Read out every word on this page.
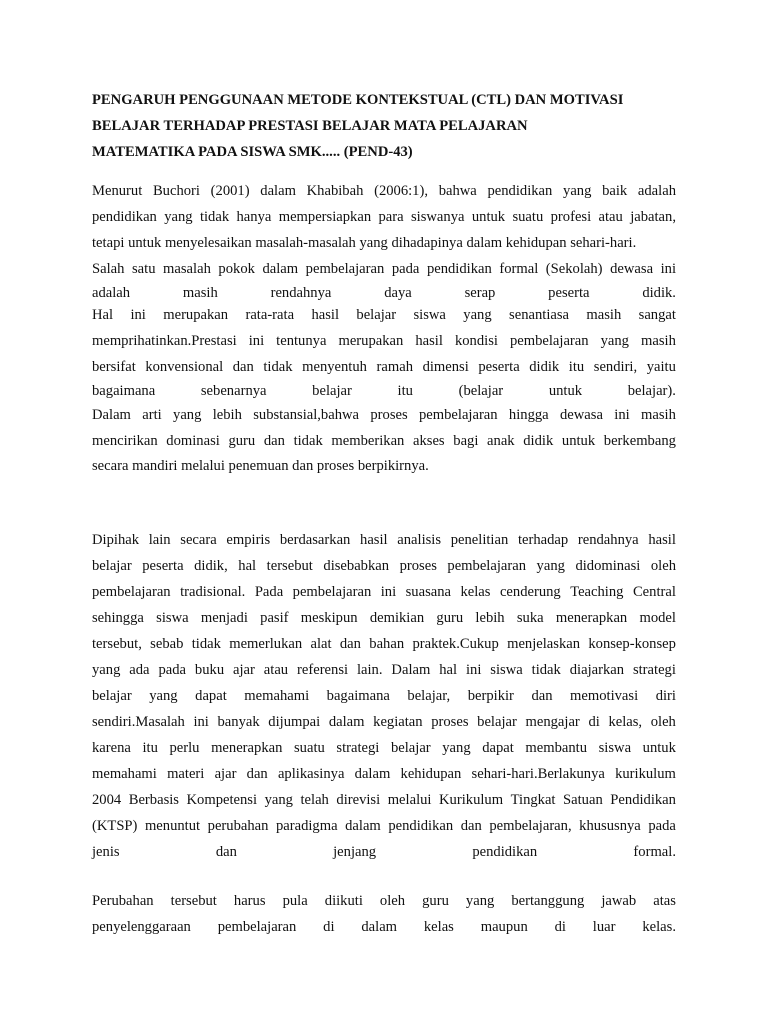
PENGARUH PENGGUNAAN METODE KONTEKSTUAL (CTL) DAN MOTIVASI
BELAJAR TERHADAP PRESTASI BELAJAR MATA PELAJARAN
MATEMATIKA PADA SISWA SMK..... (PEND-43)
Menurut Buchori (2001) dalam Khabibah (2006:1), bahwa pendidikan yang baik adalah
pendidikan yang tidak hanya mempersiapkan para siswanya untuk suatu profesi atau jabatan,
tetapi untuk menyelesaikan masalah-masalah yang dihadapinya dalam kehidupan sehari-hari.
Salah satu masalah pokok dalam pembelajaran pada pendidikan formal (Sekolah) dewasa ini
adalah	masih	rendahnya	daya	serap	peserta	didik.
Hal ini merupakan rata-rata hasil belajar siswa yang senantiasa masih sangat
memprihatinkan.Prestasi ini tentunya merupakan hasil kondisi pembelajaran yang masih
bersifat konvensional dan tidak menyentuh ramah dimensi peserta didik itu sendiri, yaitu
bagaimana	sebenarnya	belajar	itu	(belajar	untuk	belajar).
Dalam arti yang lebih substansial,bahwa proses pembelajaran hingga dewasa ini masih
mencirikan dominasi guru dan tidak memberikan akses bagi anak didik untuk berkembang
secara mandiri melalui penemuan dan proses berpikirnya.
Dipihak lain secara empiris berdasarkan hasil analisis penelitian terhadap rendahnya hasil
belajar peserta didik, hal tersebut disebabkan proses pembelajaran yang didominasi oleh
pembelajaran tradisional. Pada pembelajaran ini suasana kelas cenderung Teaching Central
sehingga siswa menjadi pasif meskipun demikian guru lebih suka menerapkan model
tersebut, sebab tidak memerlukan alat dan bahan praktek.Cukup menjelaskan konsep-konsep
yang ada pada buku ajar atau referensi lain. Dalam hal ini siswa tidak diajarkan strategi
belajar yang dapat memahami bagaimana belajar, berpikir dan memotivasi diri
sendiri.Masalah ini banyak dijumpai dalam kegiatan proses belajar mengajar di kelas, oleh
karena itu perlu menerapkan suatu strategi belajar yang dapat membantu siswa untuk
memahami materi ajar dan aplikasinya dalam kehidupan sehari-hari.Berlakunya kurikulum
2004 Berbasis Kompetensi yang telah direvisi melalui Kurikulum Tingkat Satuan Pendidikan
(KTSP) menuntut perubahan paradigma dalam pendidikan dan pembelajaran, khususnya pada
jenis	dan	jenjang	pendidikan	formal.
Perubahan tersebut harus pula diikuti oleh guru yang bertanggung jawab atas
penyelenggaraan pembelajaran di dalam kelas maupun di luar kelas.
